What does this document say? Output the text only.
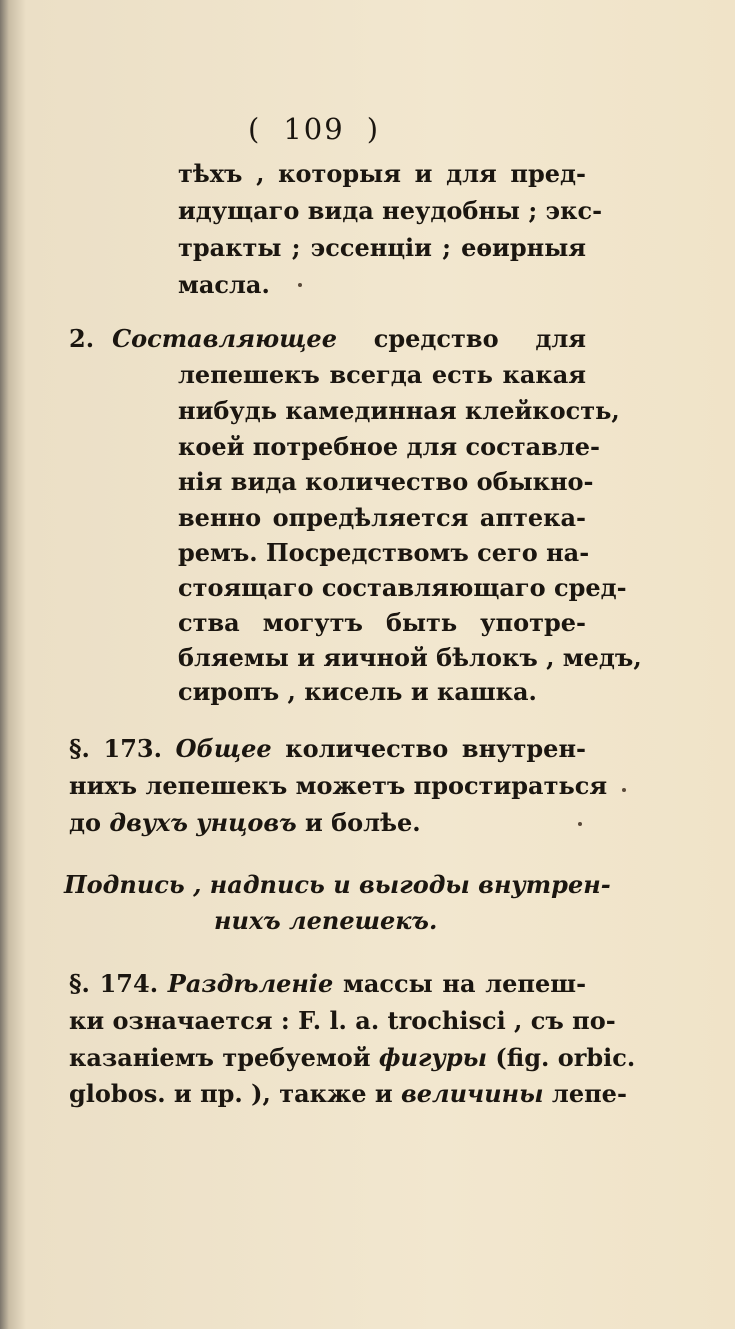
( 109 )
тѣхъ , которыя и для пред-
идущаго вида неудобны ; экс-
тракты ; эссенціи ; еѳирныя
масла.
2. Составляющее средство для
лепешекъ всегда есть какая
нибудь камединная клейкость,
коей потребное для составле-
нія вида количество обыкно-
венно опредѣляется аптека-
ремъ. Посредствомъ сего на-
стоящаго составляющаго сред-
ства могутъ быть употре-
бляемы и яичной бѣлокъ , медъ,
сиропъ , кисель и кашка.
§. 173. Общее количество внутрен-
нихъ лепешекъ можетъ простираться
до двухъ унцовъ и болѣе.
Подпись , надпись и выгоды внутрен-
нихъ лепешекъ.
§. 174. Раздѣленіе массы на лепеш-
ки означается : F. l. a. trochisci , съ по-
казаніемъ требуемой фигуры (fig. orbic.
globos. и пр. ), также и величины лепе-
